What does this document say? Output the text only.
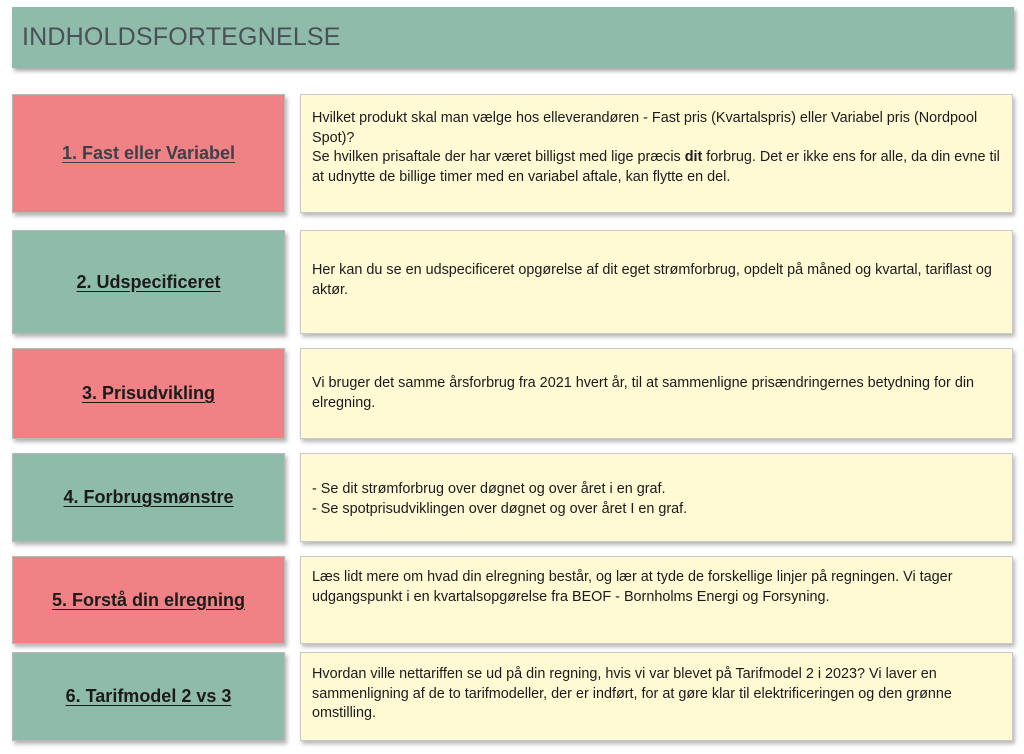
INDHOLDSFORTEGNELSE
1. Fast eller Variabel

Hvilket produkt skal man vælge hos elleverandøren - Fast pris (Kvartalspris) eller Variabel pris (Nordpool Spot)?

Se hvilken prisaftale der har været billigst med lige præcis dit forbrug. Det er ikke ens for alle, da din evne til at udnytte de billige timer med en variabel aftale, kan flytte en del.

2. Udspecificeret

Her kan du se en udspecificeret opgørelse af dit eget strømforbrug, opdelt på måned og kvartal, tariflast og aktør.

3. Prisudvikling	Vi bruger det samme årsforbrug fra 2021 hvert år, til at sammenligne prisændringernes betydning for din elregning.

4. Forbrugsmønstre	- Se dit strømforbrug over døgnet og over året i en graf.

- Se spotprisudviklingen over døgnet og over året I en graf.

5. Forstå din elregning

Læs lidt mere om hvad din elregning består, og lær at tyde de forskellige linjer på regningen. Vi tager udgangspunkt i en kvartalsopgørelse fra BEOF - Bornholms Energi og Forsyning.

6. Tarifmodel 2 vs 3

Hvordan ville nettariffen se ud på din regning, hvis vi var blevet på Tarifmodel 2 i 2023? Vi laver en sammenligning af de to tarifmodeller, der er indført, for at gøre klar til elektrificeringen og den grønne omstilling.
